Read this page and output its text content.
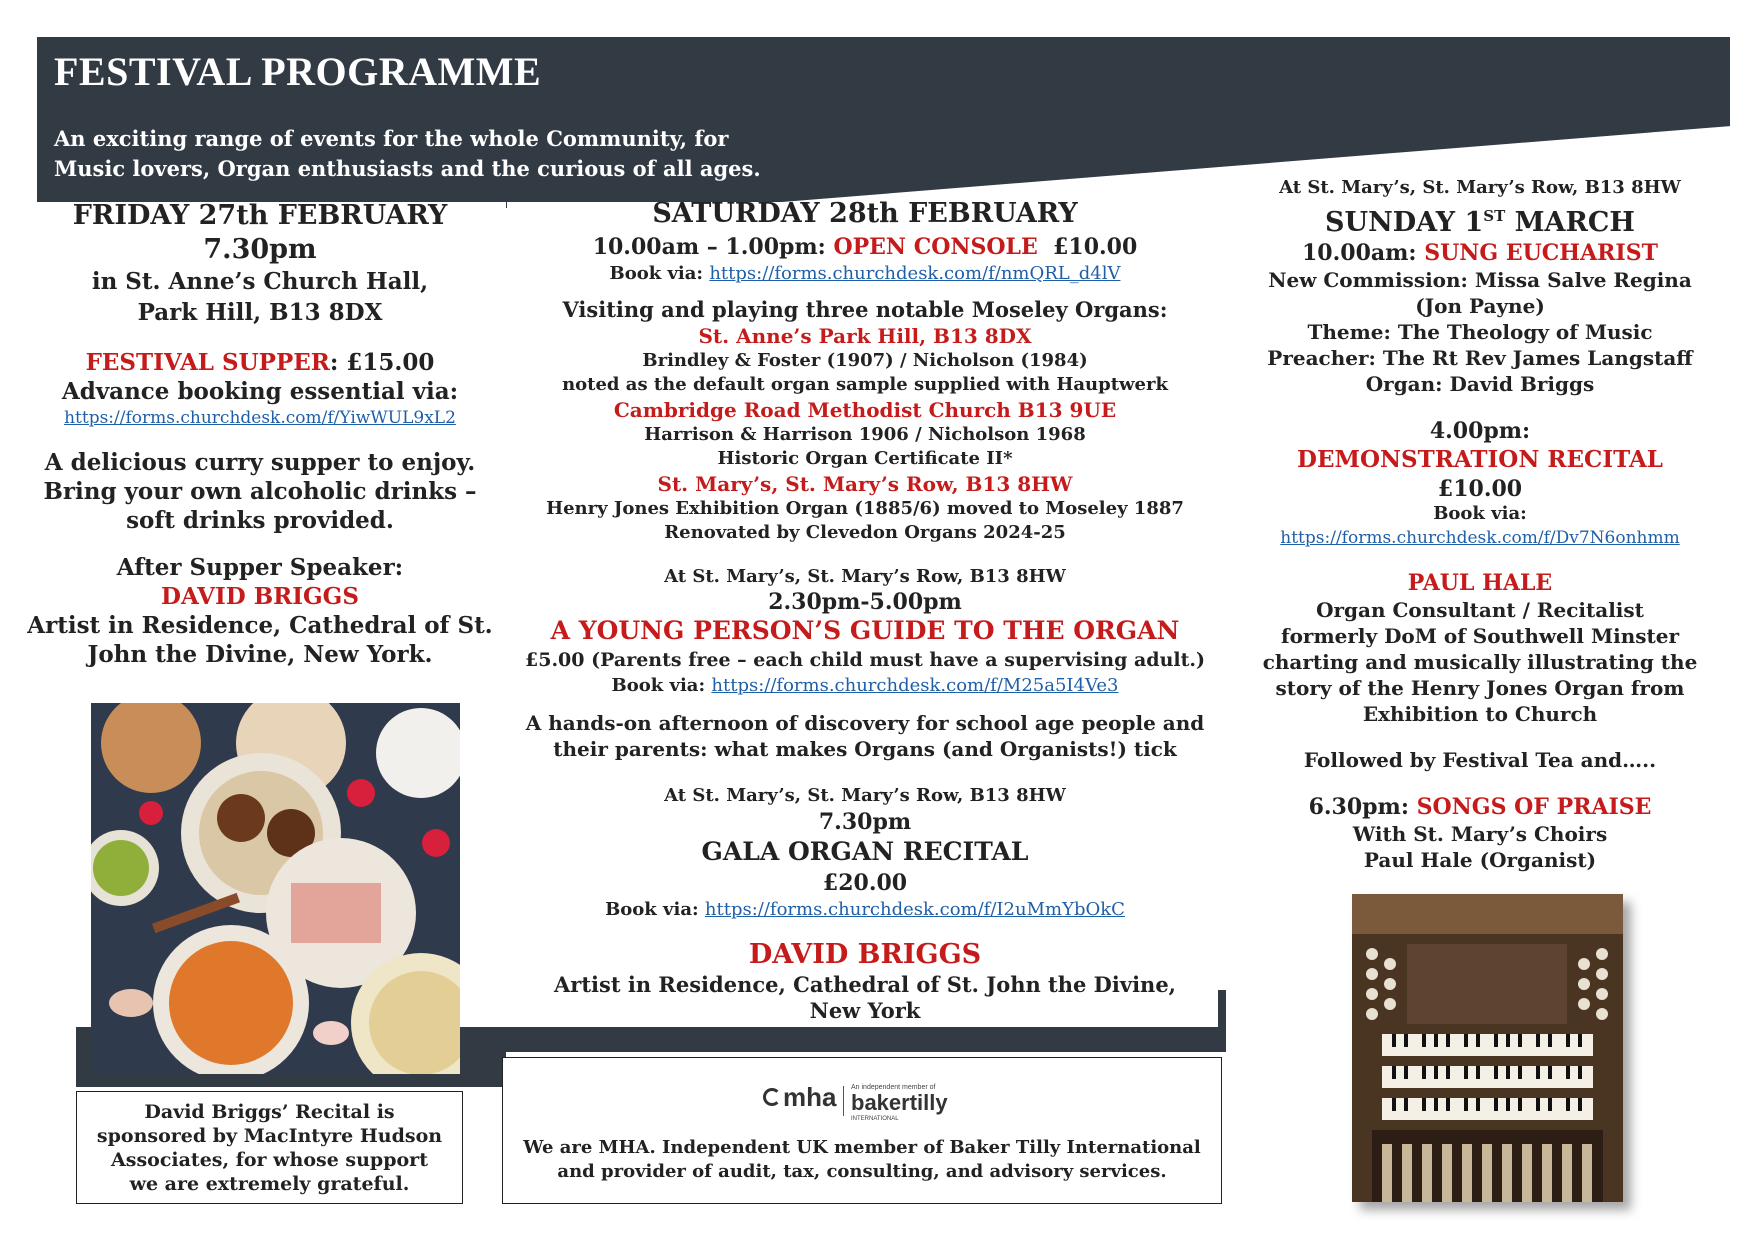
FESTIVAL PROGRAMME
An exciting range of events for the whole Community, for
Music lovers, Organ enthusiasts and the curious of all ages.
FRIDAY 27th FEBRUARY
7.30pm
in St. Anne’s Church Hall,
Park Hill, B13 8DX
FESTIVAL SUPPER: £15.00
Advance booking essential via:
https://forms.churchdesk.com/f/YiwWUL9xL2
A delicious curry supper to enjoy.
Bring your own alcoholic drinks –
soft drinks provided.
After Supper Speaker:
DAVID BRIGGS
Artist in Residence, Cathedral of St.
John the Divine, New York.
David Briggs’ Recital is
sponsored by MacIntyre Hudson
Associates, for whose support
we are extremely grateful.
SATURDAY 28th FEBRUARY
10.00am – 1.00pm: OPEN CONSOLE  £10.00
Book via: https://forms.churchdesk.com/f/nmQRL_d4lV
Visiting and playing three notable Moseley Organs:
St. Anne’s Park Hill, B13 8DX
Brindley & Foster (1907) / Nicholson (1984)
noted as the default organ sample supplied with Hauptwerk
Cambridge Road Methodist Church B13 9UE
Harrison & Harrison 1906 / Nicholson 1968
Historic Organ Certificate II*
St. Mary’s, St. Mary’s Row, B13 8HW
Henry Jones Exhibition Organ (1885/6) moved to Moseley 1887
Renovated by Clevedon Organs 2024-25
At St. Mary’s, St. Mary’s Row, B13 8HW
2.30pm-5.00pm
A YOUNG PERSON’S GUIDE TO THE ORGAN
£5.00 (Parents free – each child must have a supervising adult.)
Book via: https://forms.churchdesk.com/f/M25a5I4Ve3
A hands-on afternoon of discovery for school age people and
their parents: what makes Organs (and Organists!) tick
At St. Mary’s, St. Mary’s Row, B13 8HW
7.30pm
GALA ORGAN RECITAL
£20.00
Book via: https://forms.churchdesk.com/f/I2uMmYbOkC
DAVID BRIGGS
Artist in Residence, Cathedral of St. John the Divine,
New York
mha An independent member of
bakertilly
INTERNATIONAL
We are MHA. Independent UK member of Baker Tilly International
and provider of audit, tax, consulting, and advisory services.
At St. Mary’s, St. Mary’s Row, B13 8HW
SUNDAY 1ST MARCH
10.00am: SUNG EUCHARIST
New Commission: Missa Salve Regina
(Jon Payne)
Theme: The Theology of Music
Preacher: The Rt Rev James Langstaff
Organ: David Briggs
4.00pm:
DEMONSTRATION RECITAL
£10.00
Book via:
https://forms.churchdesk.com/f/Dv7N6onhmm
PAUL HALE
Organ Consultant / Recitalist
formerly DoM of Southwell Minster
charting and musically illustrating the
story of the Henry Jones Organ from
Exhibition to Church
Followed by Festival Tea and…..
6.30pm: SONGS OF PRAISE
With St. Mary’s Choirs
Paul Hale (Organist)
